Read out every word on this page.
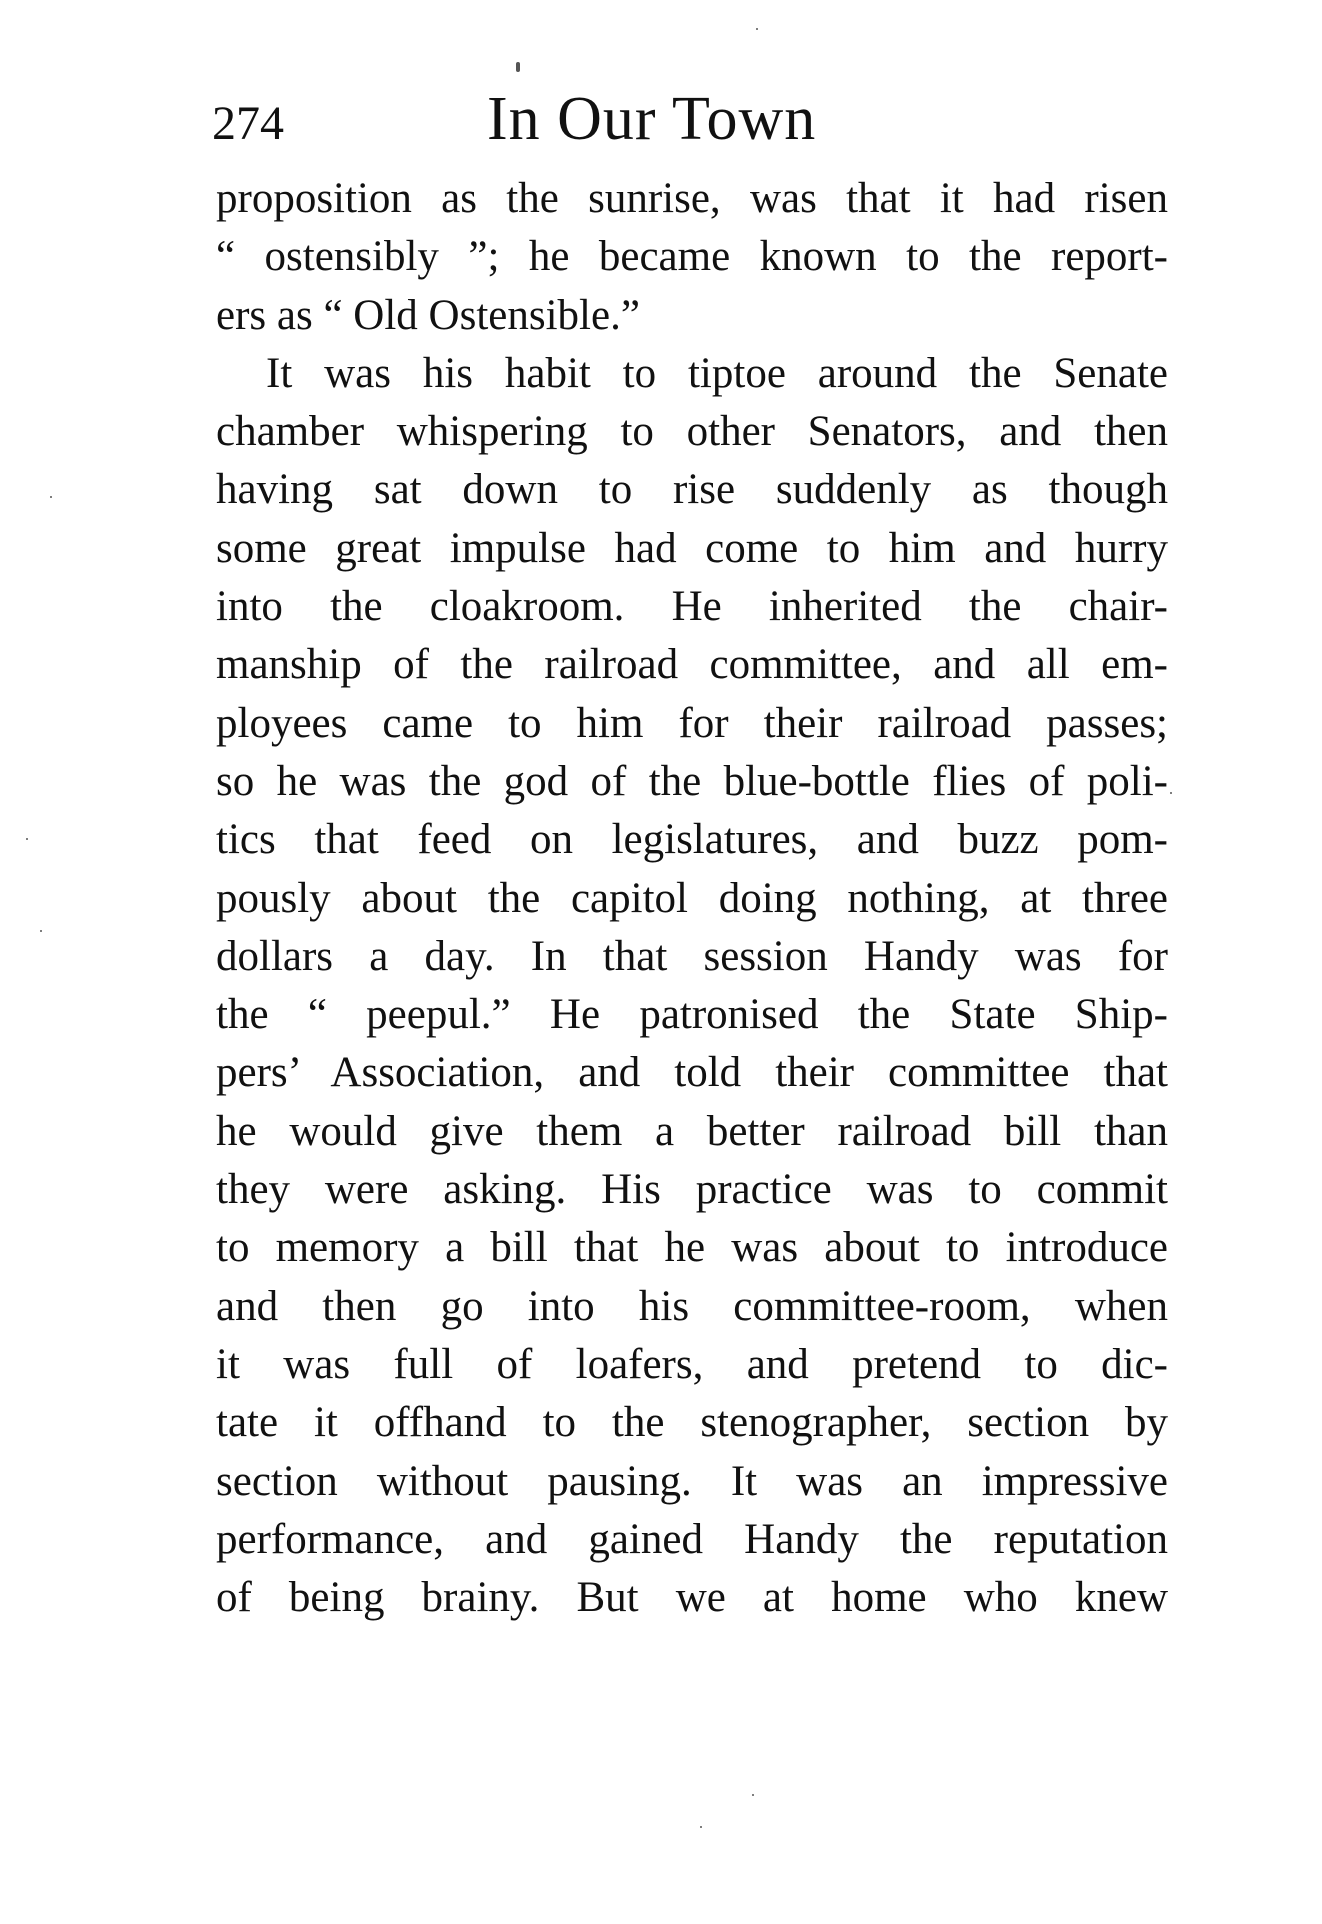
274	In Our Town
proposition as the sunrise, was that it had risen
“ ostensibly ”; he became known to the report-
ers as “ Old Ostensible.”
It was his habit to tiptoe around the Senate
chamber whispering to other Senators, and then
having sat down to rise suddenly as though
some great impulse had come to him and hurry
into the cloakroom. He inherited the chair-
manship of the railroad committee, and all em-
ployees came to him for their railroad passes;
so he was the god of the blue-bottle flies of poli-
tics that feed on legislatures, and buzz pom-
pously about the capitol doing nothing, at three
dollars a day. In that session Handy was for
the “ peepul.” He patronised the State Ship-
pers’ Association, and told their committee that
he would give them a better railroad bill than
they were asking. His practice was to commit
to memory a bill that he was about to introduce
and then go into his committee-room, when
it was full of loafers, and pretend to dic-
tate it offhand to the stenographer, section by
section without pausing. It was an impressive
performance, and gained Handy the reputation
of being brainy. But we at home who knew
